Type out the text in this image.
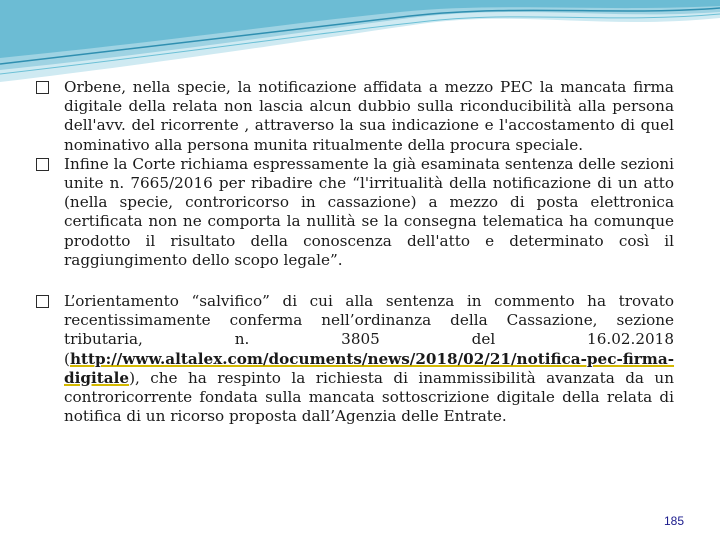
Orbene, nella specie, la notificazione affidata a mezzo PEC la mancata firma digitale della relata non lascia alcun dubbio sulla riconducibilità alla persona dell'avv. del ricorrente , attraverso la sua indicazione e l'accostamento di quel nominativo alla persona munita ritualmente della procura speciale.
Infine la Corte richiama espressamente la già esaminata sentenza delle sezioni unite n. 7665/2016 per ribadire che “l'irritualità della notificazione di un atto (nella specie, controricorso in cassazione) a mezzo di posta elettronica certificata non ne comporta la nullità se la consegna telematica ha comunque prodotto il risultato della conoscenza dell'atto e determinato così il raggiungimento dello scopo legale”.
L’orientamento “salvifico” di cui alla sentenza in commento ha trovato recentissimamente conferma nell’ordinanza della Cassazione, sezione tributaria, n. 3805 del 16.02.2018 (http://www.altalex.com/documents/news/2018/02/21/notifica-pec-firma-digitale), che ha respinto la richiesta di inammissibilità avanzata da un controricorrente fondata sulla mancata sottoscrizione digitale della relata di notifica di un ricorso proposta dall’Agenzia delle Entrate.
185
